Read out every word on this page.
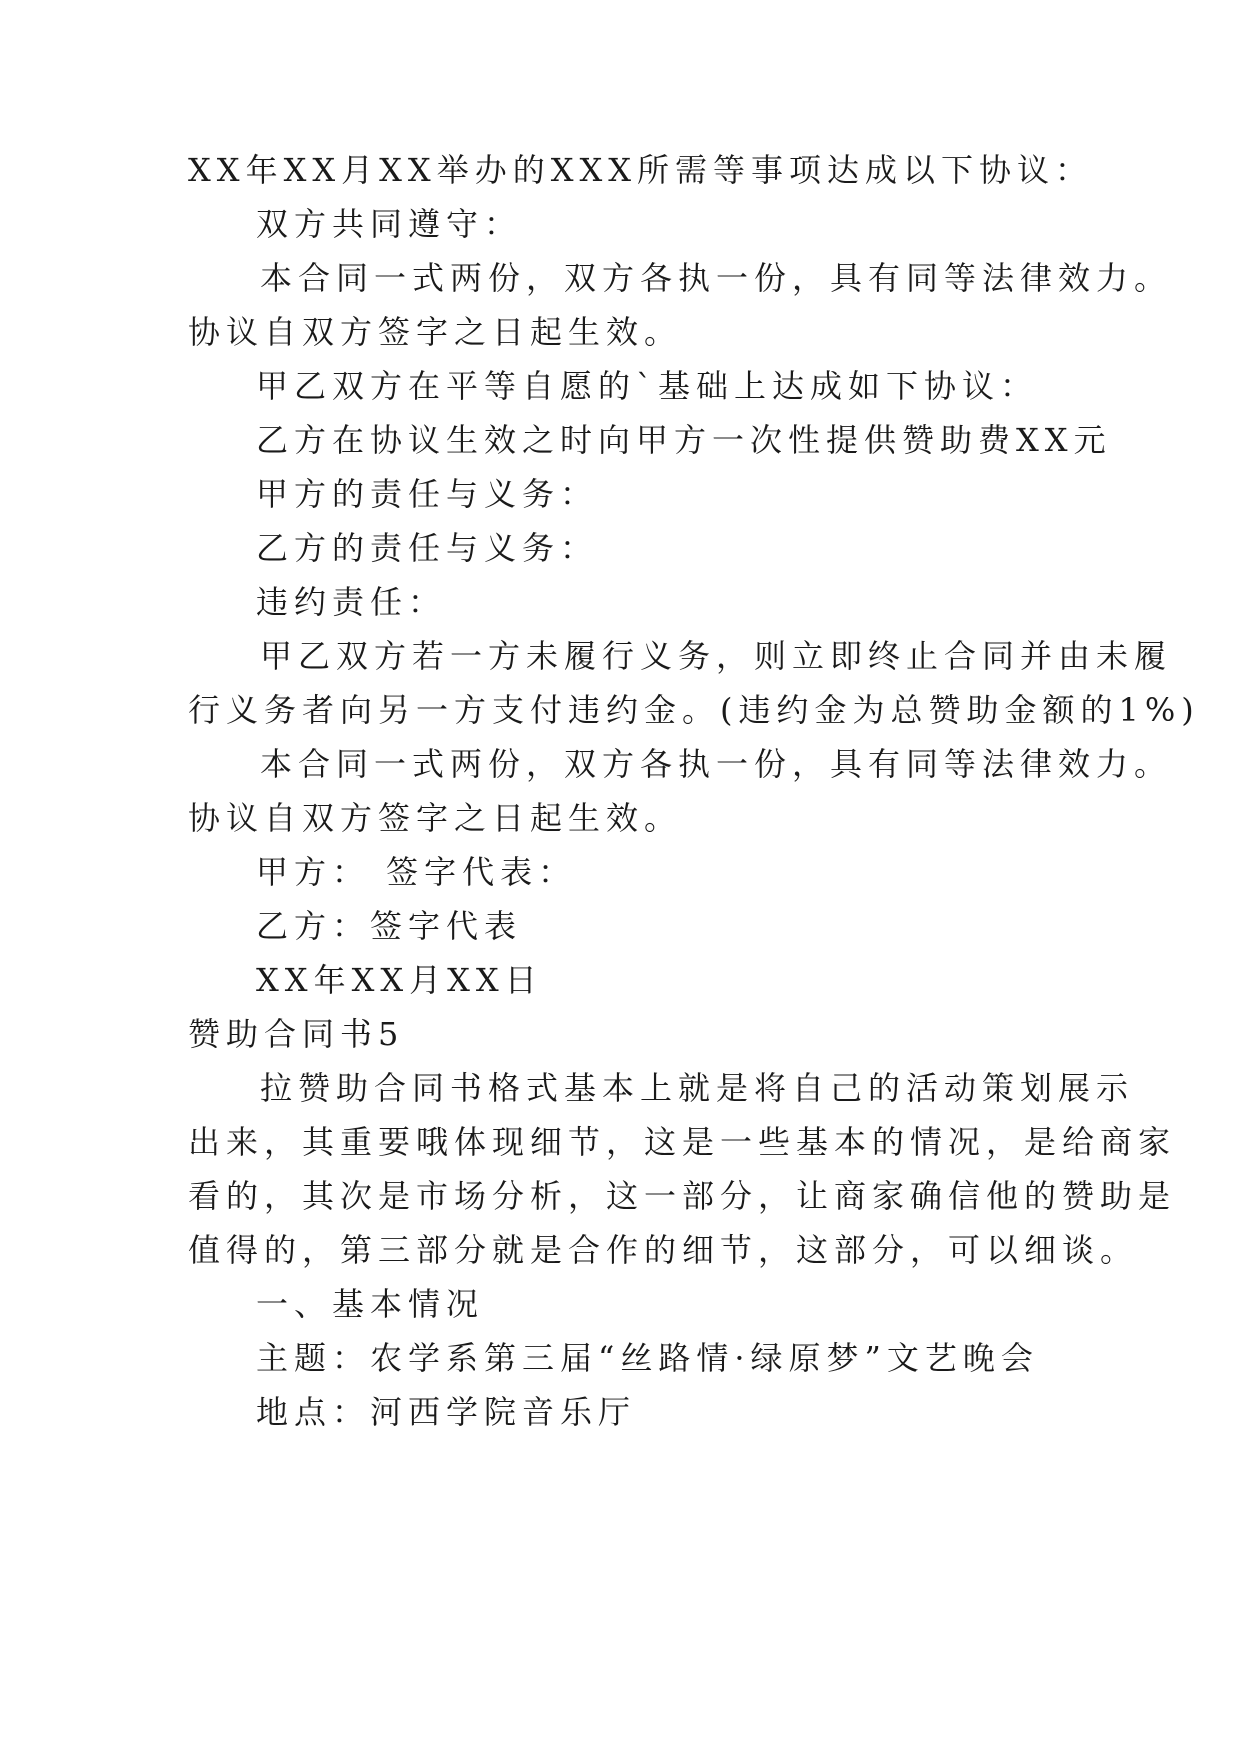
XX年XX月XX举办的XXX所需等事项达成以下协议：
双方共同遵守：
本合同一式两份，双方各执一份，具有同等法律效力。
协议自双方签字之日起生效。
甲乙双方在平等自愿的`基础上达成如下协议：
乙方在协议生效之时向甲方一次性提供赞助费XX元
甲方的责任与义务：
乙方的责任与义务：
违约责任：
甲乙双方若一方未履行义务，则立即终止合同并由未履
行义务者向另一方支付违约金。(违约金为总赞助金额的1%)
本合同一式两份，双方各执一份，具有同等法律效力。
协议自双方签字之日起生效。
甲方： 签字代表：
乙方：签字代表
XX年XX月XX日
赞助合同书5
拉赞助合同书格式基本上就是将自己的活动策划展示
出来，其重要哦体现细节，这是一些基本的情况，是给商家
看的，其次是市场分析，这一部分，让商家确信他的赞助是
值得的，第三部分就是合作的细节，这部分，可以细谈。
一、基本情况
主题：农学系第三届“丝路情·绿原梦”文艺晚会
地点：河西学院音乐厅
